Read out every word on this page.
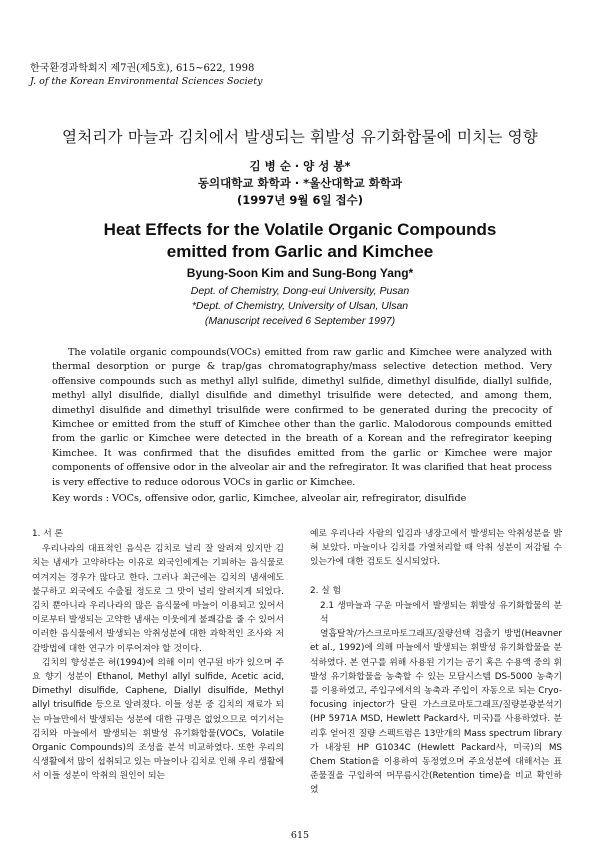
한국환경과학회지 제7권(제5호), 615~622, 1998
J. of the Korean Environmental Sciences Society
열처리가 마늘과 김치에서 발생되는 휘발성 유기화합물에 미치는 영향
김 병 순 · 양 성 봉*
동의대학교 화학과 · *울산대학교 화학과
(1997년 9월 6일 접수)
Heat Effects for the Volatile Organic Compounds
emitted from Garlic and Kimchee
Byung-Soon Kim and Sung-Bong Yang*
Dept. of Chemistry, Dong-eui University, Pusan
*Dept. of Chemistry, University of Ulsan, Ulsan
(Manuscript received 6 September 1997)

The volatile organic compounds(VOCs) emitted from raw garlic and Kimchee were analyzed with thermal desorption or purge & trap/gas chromatography/mass selective detection method. Very offensive compounds such as methyl allyl sulfide, dimethyl sulfide, dimethyl disulfide, diallyl sulfide, methyl allyl disulfide, diallyl disulfide and dimethyl trisulfide were detected, and among them, dimethyl disulfide and dimethyl trisulfide were confirmed to be generated during the precocity of Kimchee or emitted from the stuff of Kimchee other than the garlic. Malodorous compounds emitted from the garlic or Kimchee were detected in the breath of a Korean and the refregirator keeping Kimchee. It was confirmed that the disufides emitted from the garlic or Kimchee were major components of offensive odor in the alveolar air and the refregirator. It was clarified that heat process is very effective to reduce odorous VOCs in garlic or Kimchee.

Key words : VOCs, offensive odor, garlic, Kimchee, alveolar air, refregirator, disulfide

1. 서 론

우리나라의 대표적인 음식은 김치로 널리 잘 알려져 있지만 김치는 냄새가 고약하다는 이유로 외국인에게는 기피하는 음식물로 여겨지는 경우가 많다고 한다. 그러나 최근에는 김치의 냄새에도 불구하고 외국에도 수출될 정도로 그 맛이 널리 알려지게 되었다. 김치 뿐아니라 우리나라의 많은 음식물에 마늘이 이용되고 있어서 이로부터 발생되는 고약한 냄새는 이웃에게 불쾌감을 줄 수 있어서 이러한 음식물에서 발생되는 악취성분에 대한 과학적인 조사와 저감방법에 대한 연구가 이루어져야 할 것이다.

김치의 향성분은 허(1994)에 의해 이미 연구된 바가 있으며 주요 향기 성분이 Ethanol, Methyl allyl sulfide, Acetic acid, Dimethyl disulfide, Caphene, Diallyl disulfide, Methyl allyl trisulfide 등으로 알려졌다. 이들 성분 중 김치의 재료가 되는 마늘만에서 발생되는 성분에 대한 규명은 없었으므로 여기서는 김치와 마늘에서 발생되는 휘발성 유기화합물(VOCs, Volatile Organic Compounds)의 조성을 분석 비교하였다. 또한 우리의 식생활에서 많이 섭취되고 있는 마늘이나 김치로 인해 우리 생활에서 이들 성분이 악취의 원인이 되는

예로 우리나라 사람의 입김과 냉장고에서 발생되는 악취성분을 밝혀 보았다. 마늘이나 김치를 가열처리할 때 악취 성분이 저감될 수 있는가에 대한 검토도 실시되었다.

2. 실 험

2.1 생마늘과 구운 마늘에서 발생되는 휘발성 유기화합물의 분석

열흡탈착/가스크로마토그래프/질량선택 검출기 방법(Heavner et al., 1992)에 의해 마늘에서 발생되는 휘발성 유기화합물을 분석하였다. 본 연구를 위해 사용된 기기는 공기 혹은 수용액 중의 휘발성 유기화합물을 농축할 수 있는 모담시스템 DS-5000 농축기를 이용하였고, 주입구에서의 농축과 주입이 자동으로 되는 Cryo-focusing injector가 달린 가스크로마토그래프/질량분광분석기(HP 5971A MSD, Hewlett Packard사, 미국)를 사용하였다. 분리후 얻어진 질량 스펙트럼은 13만개의 Mass spectrum library가 내장된 HP G1034C (Hewlett Packard사, 미국)의 MS Chem Station을 이용하여 동정였으며 주요성분에 대해서는 표준물질을 구입하여 머무름시간(Retention time)을 비교 확인하였

615
